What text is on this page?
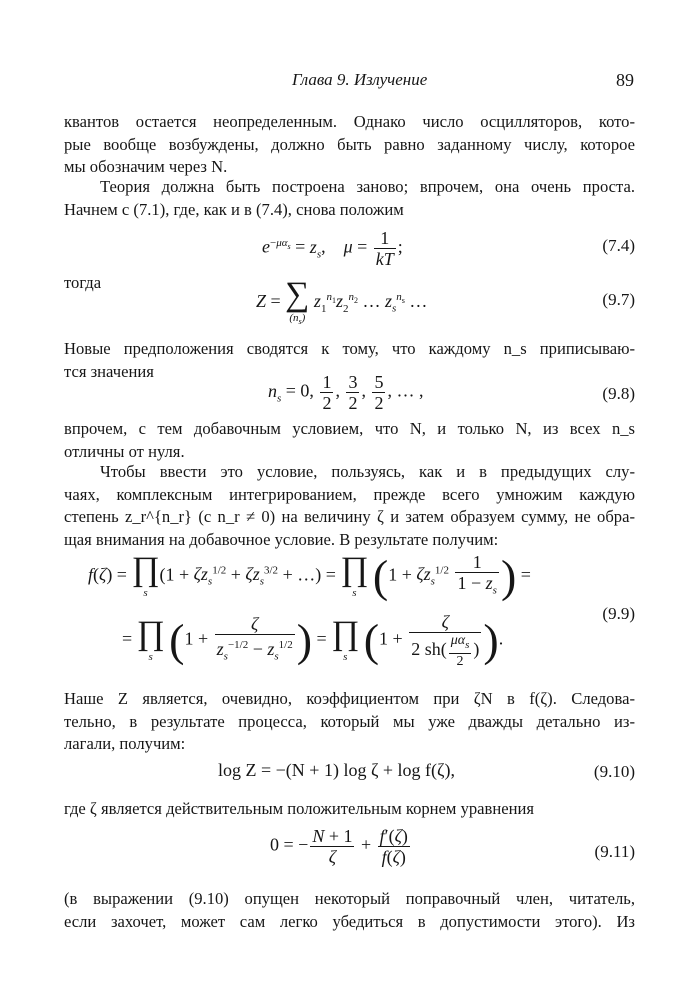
Глава 9. Излучение	89
квантов остается неопределенным. Однако число осцилляторов, кото-
рые вообще возбуждены, должно быть равно заданному числу, которое
мы обозначим через N.
Теория должна быть построена заново; впрочем, она очень проста.
Начнем с (7.1), где, как и в (7.4), снова положим
$e^{-\mu\alpha_s} = z_s$,    $\mu = \frac{1}{kT}$ ;	(7.4)
тогда
Z = ∑
$(n_s)$
$z_1^{n_1}z_2^{n_2}$ … $z_s^{n_s}$ …	(9.7)
Новые предположения сводятся к тому, что каждому n_s приписываю-
тся значения
$n_s = 0$, $\frac{1}{2}$ , $\frac{3}{2}$ , $\frac{5}{2}$ , … ,	(9.8)
впрочем, с тем добавочным условием, что N, и только N, из всех n_s
отличны от нуля.
Чтобы ввести это условие, пользуясь, как и в предыдущих слу-
чаях, комплексным интегрированием, прежде всего умножим каждую
степень z_r^{n_r} (с n_r ≠ 0) на величину ζ и затем образуем сумму, не обра-
щая внимания на добавочное условие. В результате получим:
f(ζ) = ∏
s
($1 + \zeta z_s^{1/2} + \zeta z_s^{3/2}$ + …) = ∏
s ($1 + \zeta z_s^{1/2} \frac{1}{1 - z_s}$ ) =
= ∏
s ($1 + \frac{\zeta}{z_s^{-1/2} - z_s^{1/2}}$ ) = ∏
s ($1 + \frac{\zeta}{2 sh( \frac{\mu\alpha_s}{2} )}$ ).
(9.9)
Наше Z является, очевидно, коэффициентом при ζN в f(ζ). Следова-
тельно, в результате процесса, который мы уже дважды детально из-
лагали, получим:
log Z = −(N + 1) log ζ + log f(ζ),	(9.10)
где ζ является действительным положительным корнем уравнения
0 = − $\frac{N + 1}{\zeta} + \frac{f'(\zeta)}{f(\zeta)}$	(9.11)
(в выражении (9.10) опущен некоторый поправочный член, читатель,
если захочет, может сам легко убедиться в допустимости этого). Из
